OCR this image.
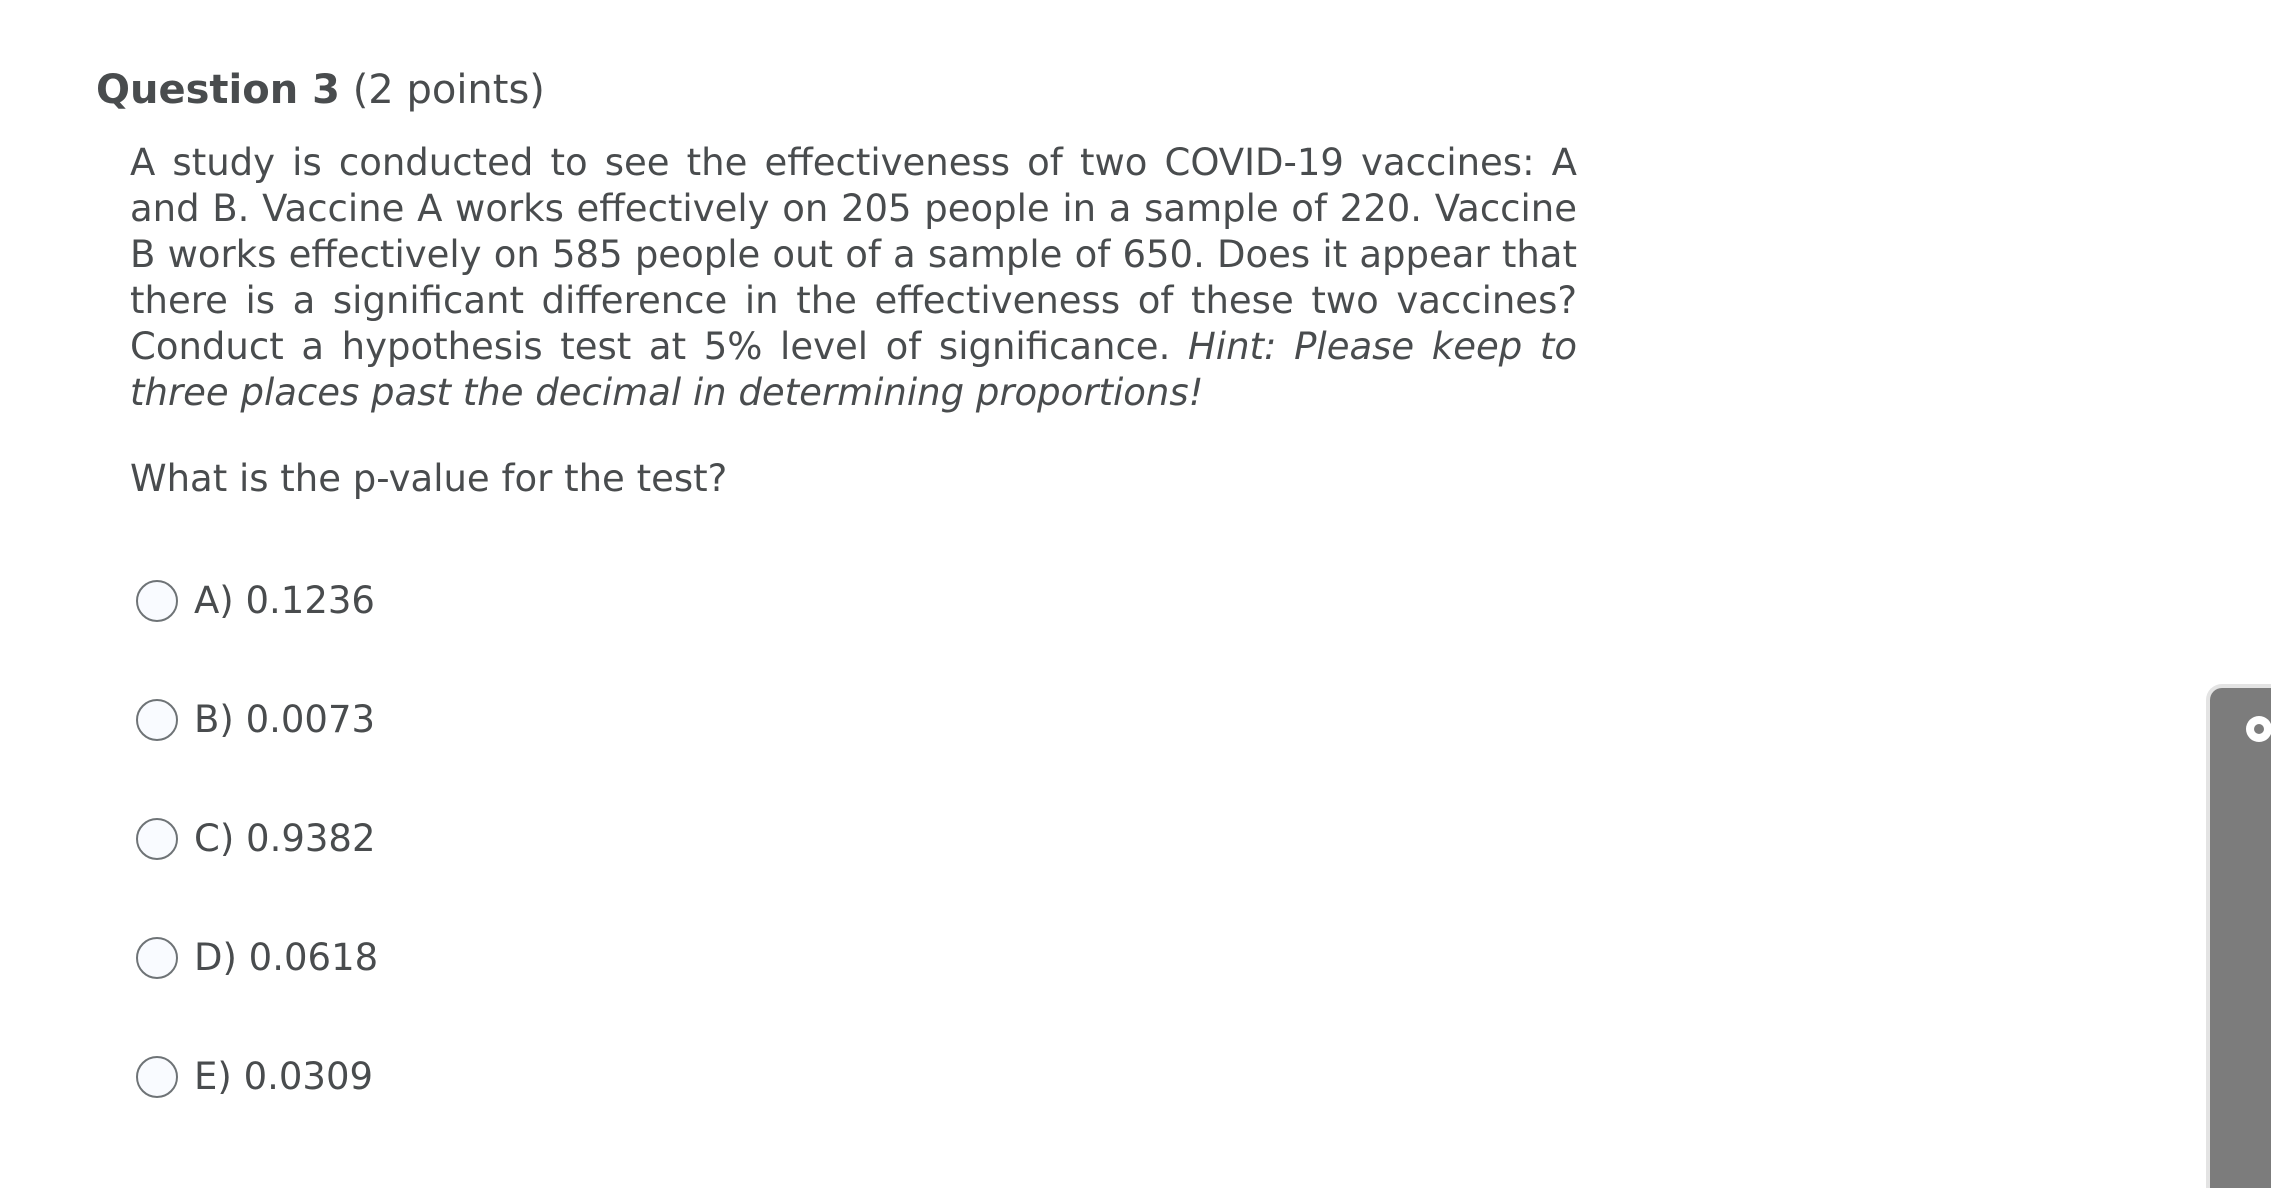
Question 3 (2 points)
A study is conducted to see the effectiveness of two COVID-19 vaccines: A and B. Vaccine A works effectively on 205 people in a sample of 220. Vaccine B works effectively on 585 people out of a sample of 650. Does it appear that there is a significant difference in the effectiveness of these two vaccines? Conduct a hypothesis test at 5% level of significance. Hint: Please keep to three places past the decimal in determining proportions!
What is the p-value for the test?
A) 0.1236
B) 0.0073
C) 0.9382
D) 0.0618
E) 0.0309
